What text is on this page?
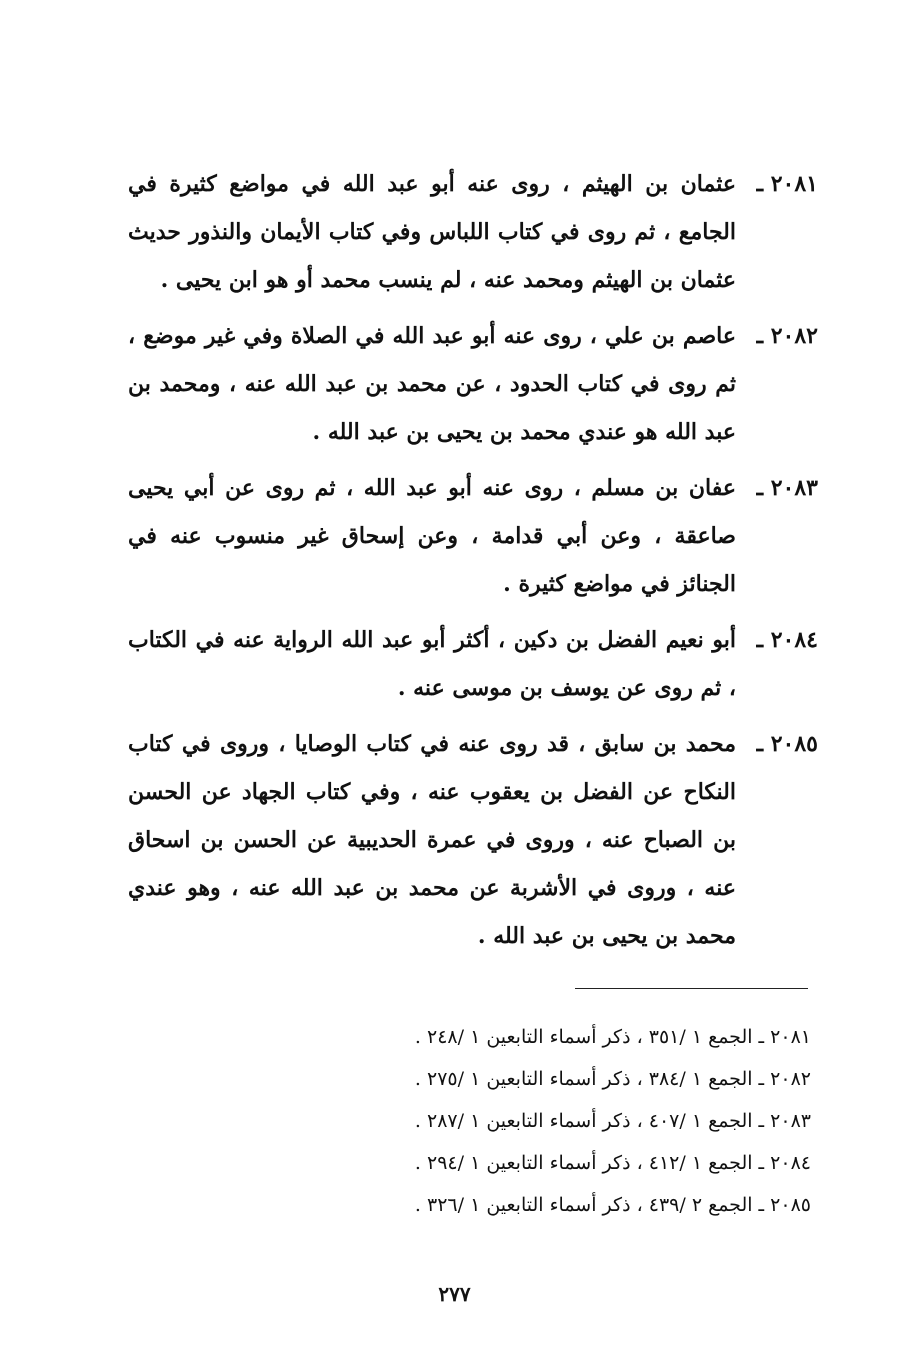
٢٠٨١ ـ
عثمان بن الهيثم ، روى عنه أبو عبد الله في مواضع كثيرة في الجامع ، ثم روى في كتاب اللباس وفي كتاب الأيمان والنذور حديث عثمان بن الهيثم ومحمد عنه ، لم ينسب محمد أو هو ابن يحيى .
٢٠٨٢ ـ
عاصم بن علي ، روى عنه أبو عبد الله في الصلاة وفي غير موضع ، ثم روى في كتاب الحدود ، عن محمد بن عبد الله عنه ، ومحمد بن عبد الله هو عندي محمد بن يحيى بن عبد الله .
٢٠٨٣ ـ
عفان بن مسلم ، روى عنه أبو عبد الله ، ثم روى عن أبي يحيى صاعقة ، وعن أبي قدامة ، وعن إسحاق غير منسوب عنه في الجنائز في مواضع كثيرة .
٢٠٨٤ ـ
أبو نعيم الفضل بن دكين ، أكثر أبو عبد الله الرواية عنه في الكتاب ، ثم روى عن يوسف بن موسى عنه .
٢٠٨٥ ـ
محمد بن سابق ، قد روى عنه في كتاب الوصايا ، وروى في كتاب النكاح عن الفضل بن يعقوب عنه ، وفي كتاب الجهاد عن الحسن بن الصباح عنه ، وروى في عمرة الحديبية عن الحسن بن اسحاق عنه ، وروى في الأشربة عن محمد بن عبد الله عنه ، وهو عندي محمد بن يحيى بن عبد الله .
٢٠٨١ ـ الجمع ١ /٣٥١ ، ذكر أسماء التابعين ١ /٢٤٨ .
٢٠٨٢ ـ الجمع ١ /٣٨٤ ، ذكر أسماء التابعين ١ /٢٧٥ .
٢٠٨٣ ـ الجمع ١ /٤٠٧ ، ذكر أسماء التابعين ١ /٢٨٧ .
٢٠٨٤ ـ الجمع ١ /٤١٢ ، ذكر أسماء التابعين ١ /٢٩٤ .
٢٠٨٥ ـ الجمع ٢ /٤٣٩ ، ذكر أسماء التابعين ١ /٣٢٦ .
٢٧٧
